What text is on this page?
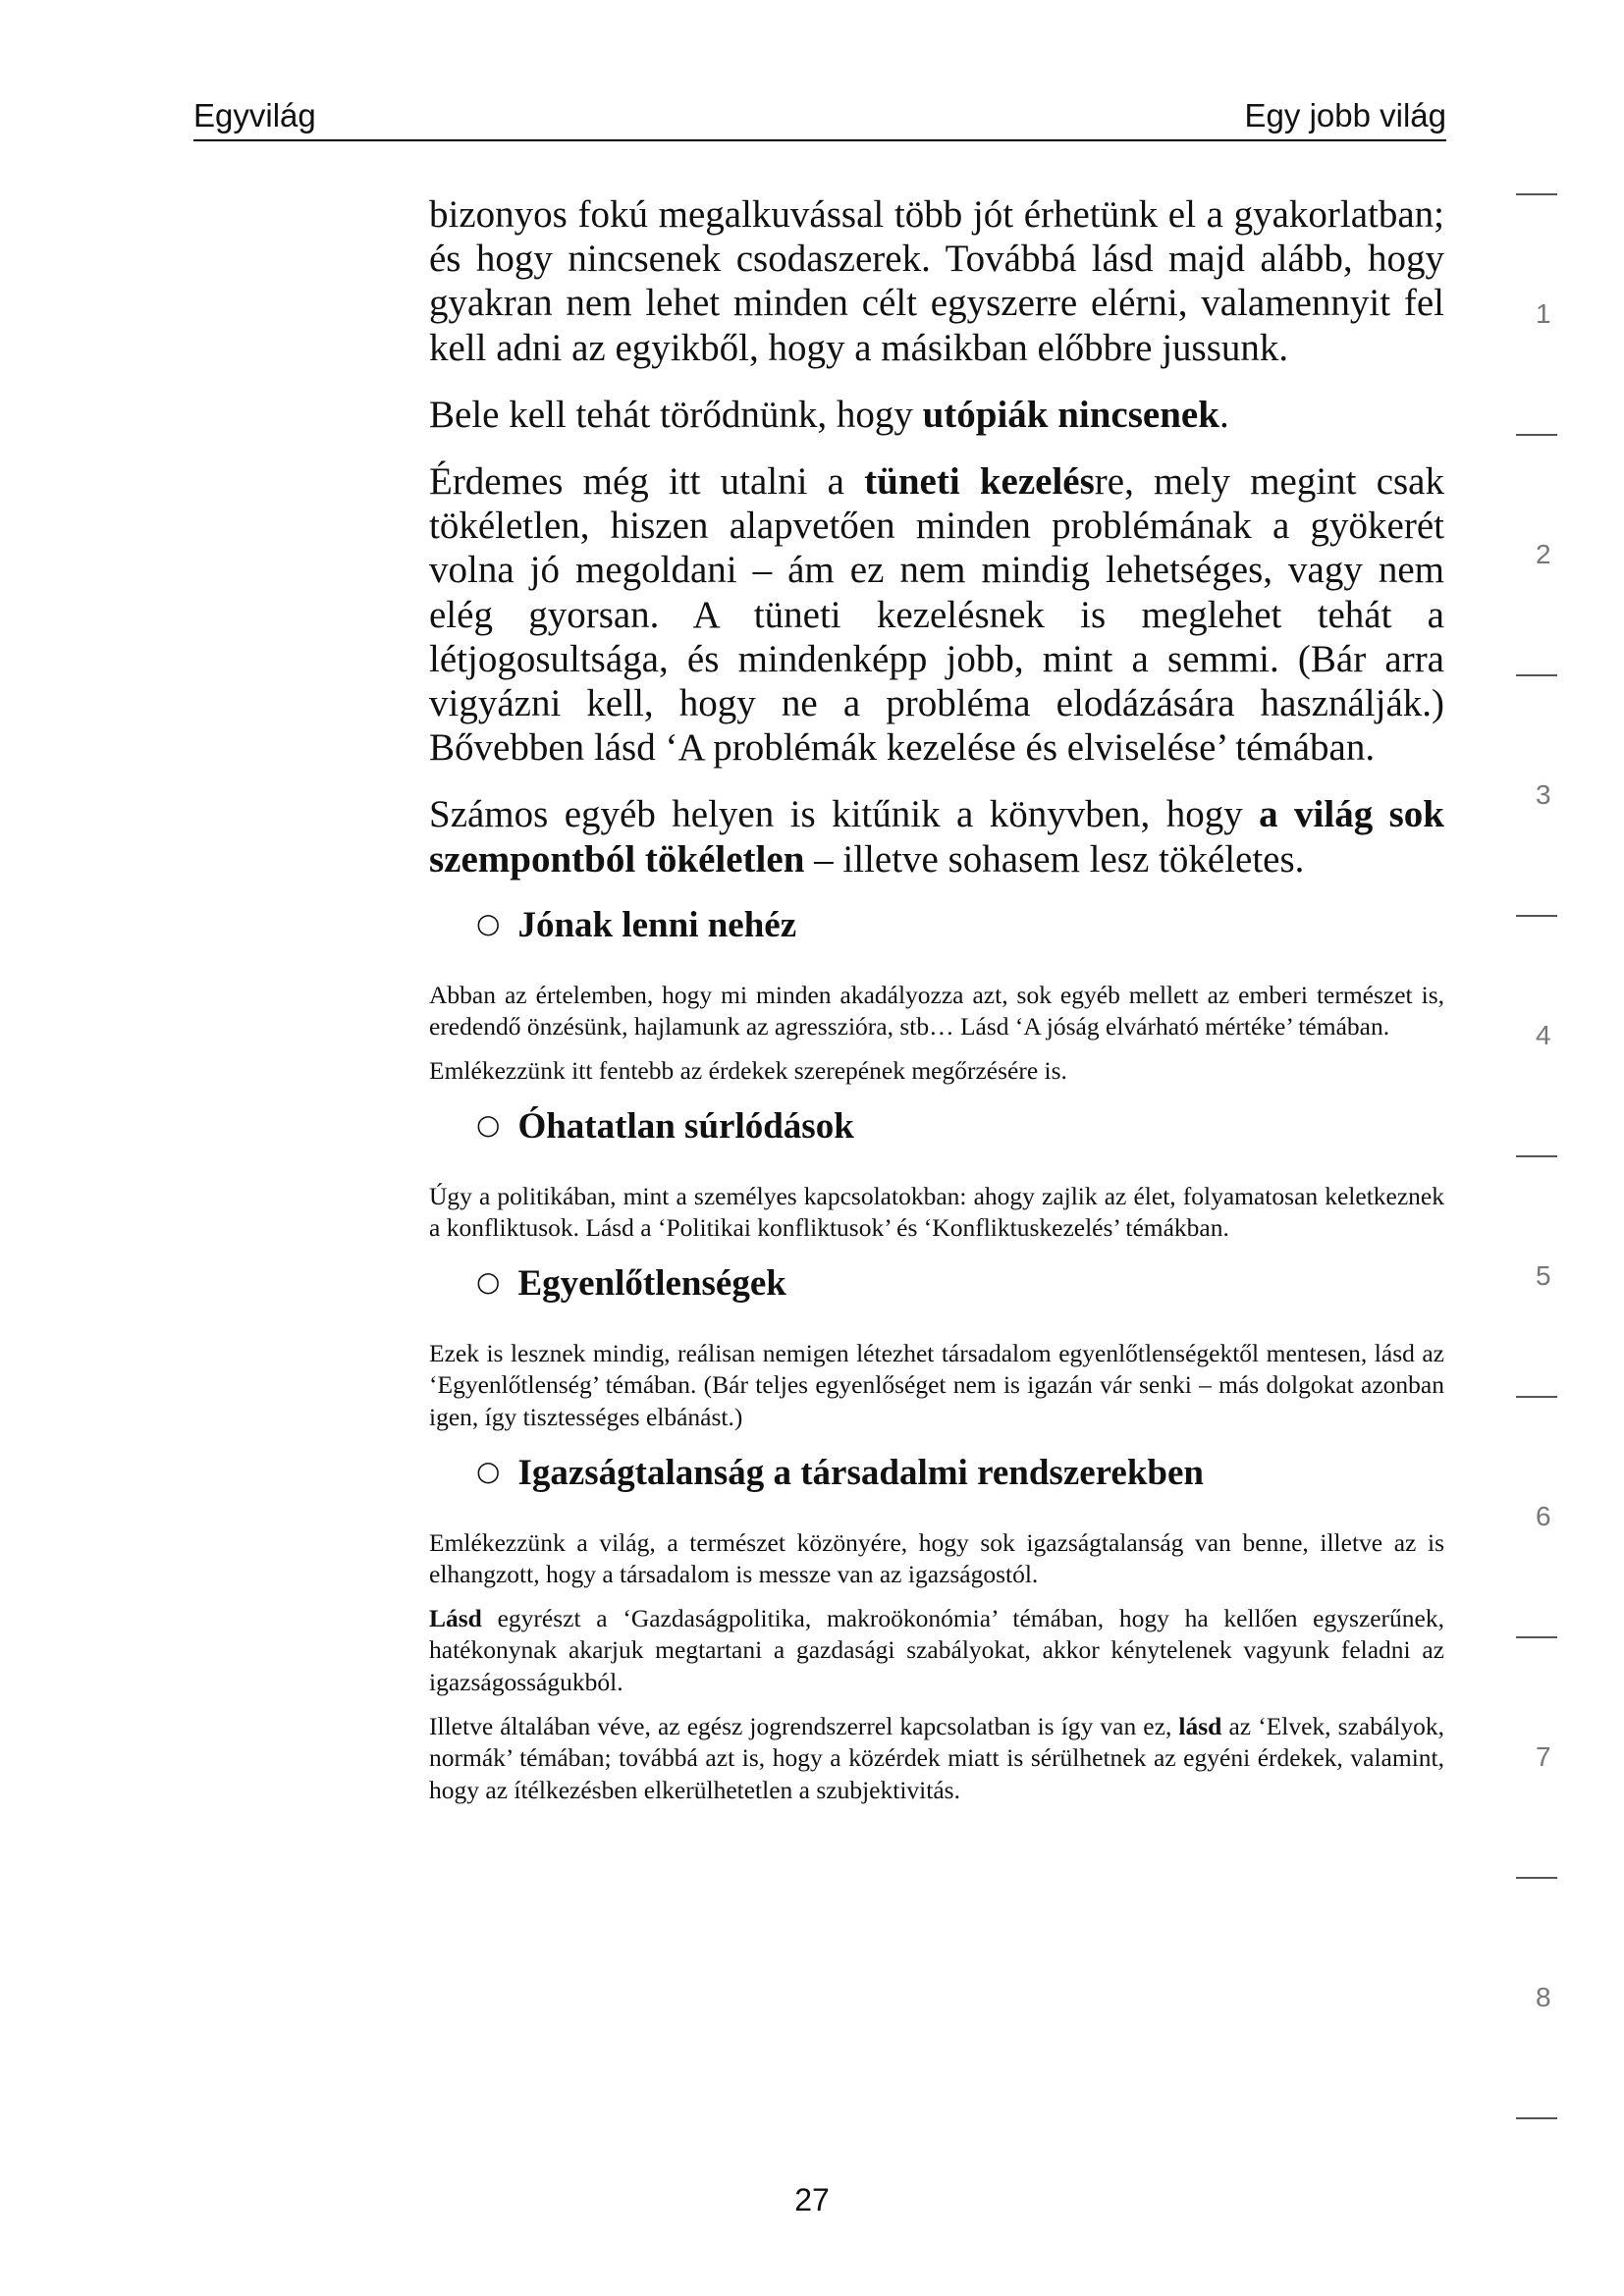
Egyvilág	Egy jobb világ

bizonyos fokú megalkuvással több jót érhetünk el a gyakorlatban; és hogy nincsenek csodaszerek. Továbbá lásd majd alább, hogy gyakran nem lehet minden célt egyszerre elérni, valamennyit fel kell adni az egyikből, hogy a másikban előbbre jussunk.

Bele kell tehát törődnünk, hogy utópiák nincsenek.

Érdemes még itt utalni a tüneti kezelésre, mely megint csak tökéletlen, hiszen alapvetően minden problémának a gyökerét volna jó megoldani – ám ez nem mindig lehetséges, vagy nem elég gyorsan. A tüneti kezelésnek is meglehet tehát a létjogosultsága, és mindenképp jobb, mint a semmi. (Bár arra vigyázni kell, hogy ne a probléma elodázására használják.) Bővebben lásd ‘A problémák kezelése és elviselése’ témában.

Számos egyéb helyen is kitűnik a könyvben, hogy a világ sok szempontból tökéletlen – illetve sohasem lesz tökéletes.

○ Jónak lenni nehéz

Abban az értelemben, hogy mi minden akadályozza azt, sok egyéb mellett az emberi természet is, eredendő önzésünk, hajlamunk az agresszióra, stb… Lásd ‘A jóság elvárható mértéke’ témában.

Emlékezzünk itt fentebb az érdekek szerepének megőrzésére is.

○ Óhatatlan súrlódások

Úgy a politikában, mint a személyes kapcsolatokban: ahogy zajlik az élet, folyamatosan keletkeznek a konfliktusok. Lásd a ‘Politikai konfliktusok’ és ‘Konfliktuskezelés’ témákban.

○ Egyenlőtlenségek

Ezek is lesznek mindig, reálisan nemigen létezhet társadalom egyenlőtlenségektől mentesen, lásd az ‘Egyenlőtlenség’ témában. (Bár teljes egyenlőséget nem is igazán vár senki – más dolgokat azonban igen, így tisztességes elbánást.)

○ Igazságtalanság a társadalmi rendszerekben

Emlékezzünk a világ, a természet közönyére, hogy sok igazságtalanság van benne, illetve az is elhangzott, hogy a társadalom is messze van az igazságostól.

Lásd egyrészt a ‘Gazdaságpolitika, makroökonómia’ témában, hogy ha kellően egyszerűnek, hatékonynak akarjuk megtartani a gazdasági szabályokat, akkor kénytelenek vagyunk feladni az igazságosságukból.

Illetve általában véve, az egész jogrendszerrel kapcsolatban is így van ez, lásd az ‘Elvek, szabályok, normák’ témában; továbbá azt is, hogy a közérdek miatt is sérülhetnek az egyéni érdekek, valamint, hogy az ítélkezésben elkerülhetetlen a szubjektivitás.

1
2
3
4
5
6
7
8
27
